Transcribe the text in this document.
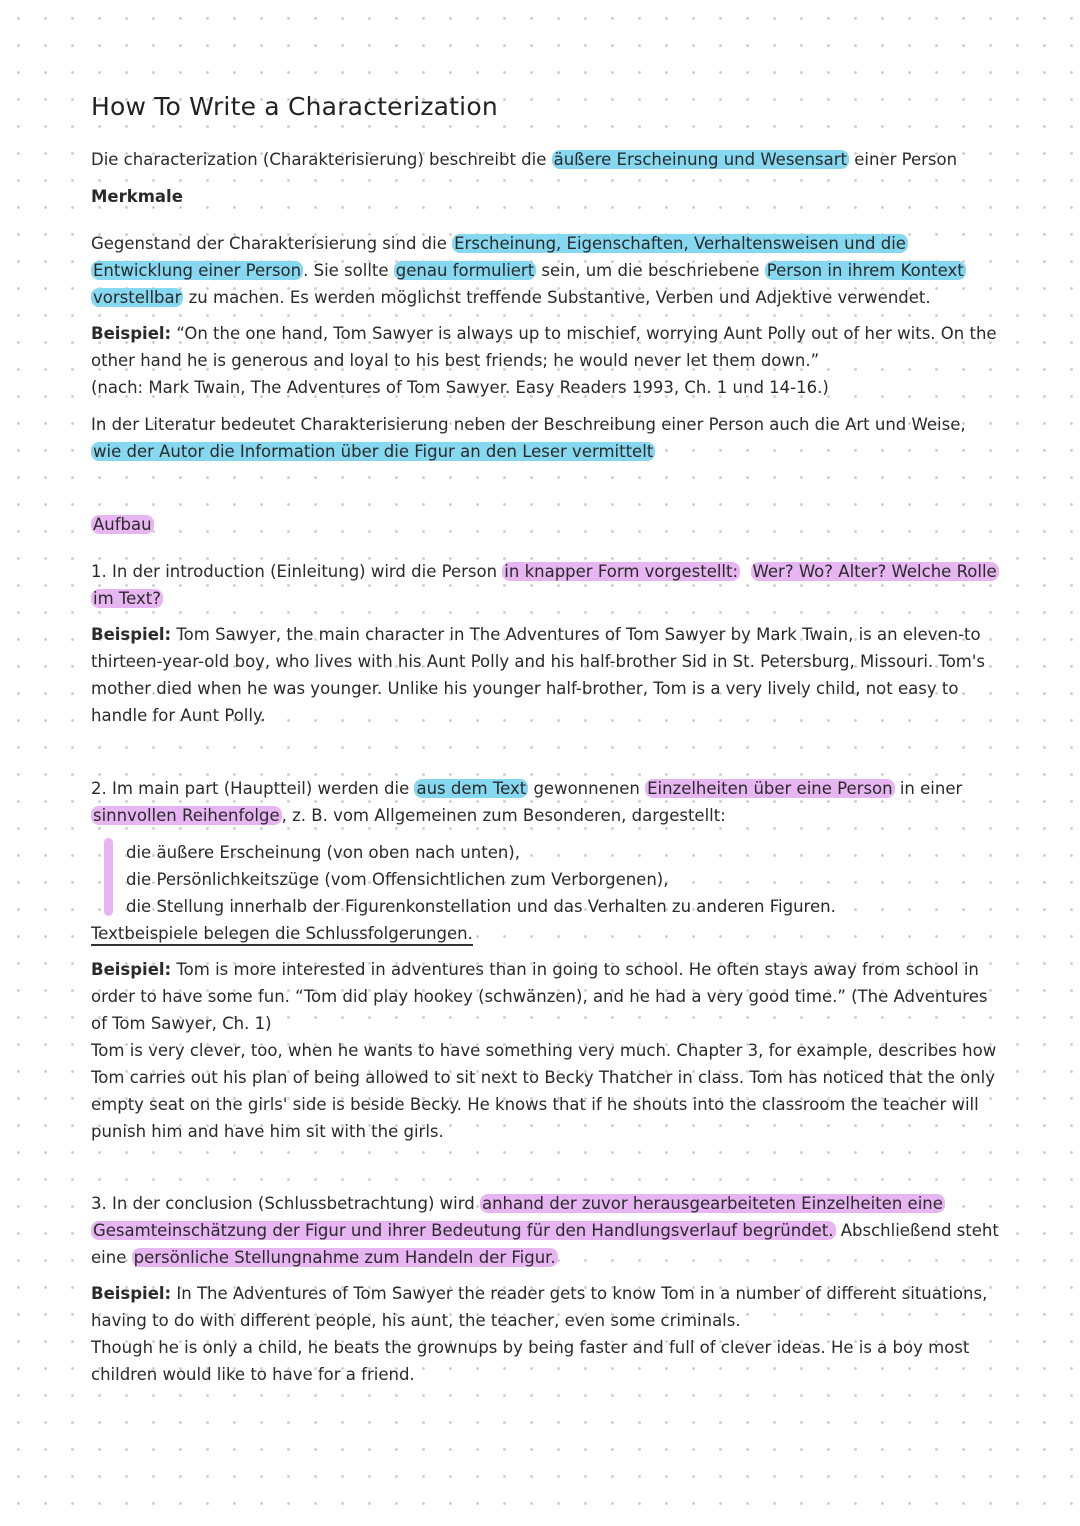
How To Write a Characterization

Die characterization (Charakterisierung) beschreibt die äußere Erscheinung und Wesensart einer Person

Merkmale

Gegenstand der Charakterisierung sind die Erscheinung, Eigenschaften, Verhaltensweisen und die Entwicklung einer Person . Sie sollte genau formuliert sein, um die beschriebene Person in ihrem Kontext vorstellbar zu machen. Es werden möglichst treffende Substantive, Verben und Adjektive verwendet.

Beispiel: “On the one hand, Tom Sawyer is always up to mischief, worrying Aunt Polly out of her wits. On the other hand he is generous and loyal to his best friends; he would never let them down.”
(nach: Mark Twain, The Adventures of Tom Sawyer. Easy Readers 1993, Ch. 1 und 14-16.)

In der Literatur bedeutet Charakterisierung neben der Beschreibung einer Person auch die Art und Weise, wie der Autor die Information über die Figur an den Leser vermittelt

Aufbau

1. In der introduction (Einleitung) wird die Person in knapper Form vorgestellt: Wer? Wo? Alter? Welche Rolle im Text?

Beispiel: Tom Sawyer, the main character in The Adventures of Tom Sawyer by Mark Twain, is an eleven-to thirteen-year-old boy, who lives with his Aunt Polly and his half-brother Sid in St. Petersburg, Missouri. Tom's mother died when he was younger. Unlike his younger half-brother, Tom is a very lively child, not easy to handle for Aunt Polly.

2. Im main part (Hauptteil) werden die aus dem Text gewonnenen Einzelheiten über eine Person in einer sinnvollen Reihenfolge , z. B. vom Allgemeinen zum Besonderen, dargestellt:

die äußere Erscheinung (von oben nach unten),
die Persönlichkeitszüge (vom Offensichtlichen zum Verborgenen),
die Stellung innerhalb der Figurenkonstellation und das Verhalten zu anderen Figuren.

Textbeispiele belegen die Schlussfolgerungen.

Beispiel: Tom is more interested in adventures than in going to school. He often stays away from school in order to have some fun. “Tom did play hookey (schwänzen), and he had a very good time.” (The Adventures of Tom Sawyer, Ch. 1)
Tom is very clever, too, when he wants to have something very much. Chapter 3, for example, describes how Tom carries out his plan of being allowed to sit next to Becky Thatcher in class. Tom has noticed that the only empty seat on the girls' side is beside Becky. He knows that if he shouts into the classroom the teacher will punish him and have him sit with the girls.

3. In der conclusion (Schlussbetrachtung) wird anhand der zuvor herausgearbeiteten Einzelheiten eine Gesamteinschätzung der Figur und ihrer Bedeutung für den Handlungsverlauf begründet. Abschließend steht eine persönliche Stellungnahme zum Handeln der Figur.

Beispiel: In The Adventures of Tom Sawyer the reader gets to know Tom in a number of different situations, having to do with different people, his aunt, the teacher, even some criminals.
Though he is only a child, he beats the grownups by being faster and full of clever ideas. He is a boy most children would like to have for a friend.
